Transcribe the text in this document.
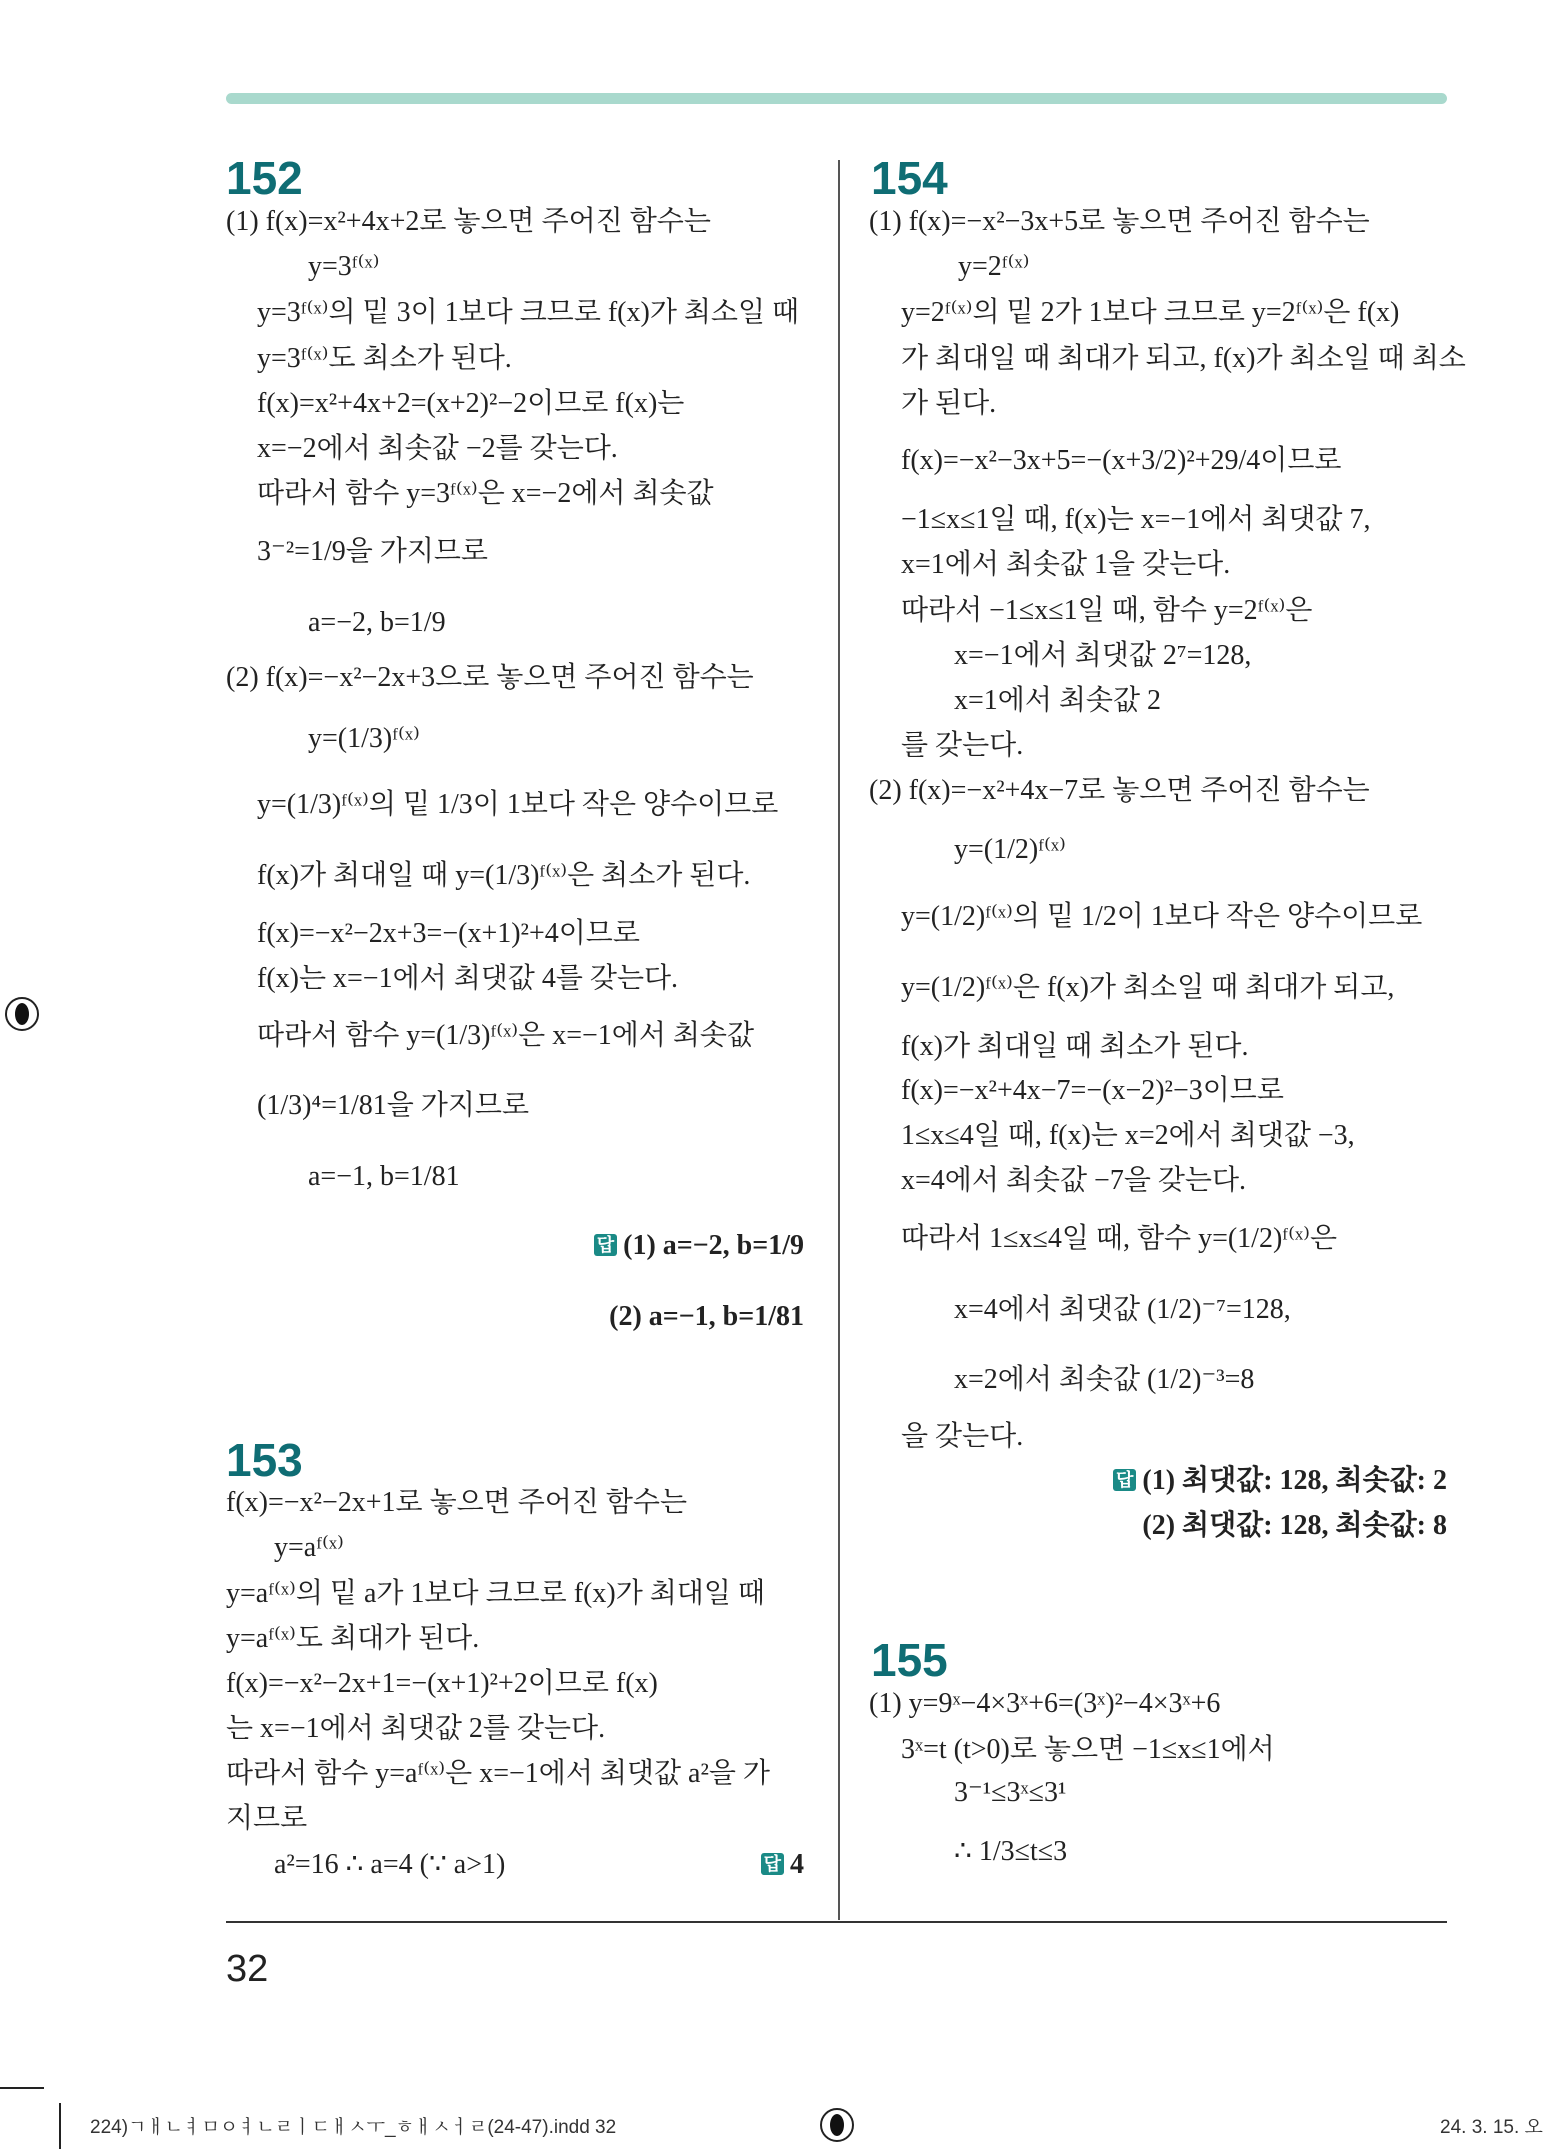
152
(1) f(x)=x²+4x+2로 놓으면 주어진 함수는
y=3ᶠ⁽ˣ⁾
y=3ᶠ⁽ˣ⁾의 밑 3이 1보다 크므로 f(x)가 최소일 때
y=3ᶠ⁽ˣ⁾도 최소가 된다.
f(x)=x²+4x+2=(x+2)²−2이므로 f(x)는
x=−2에서 최솟값 −2를 갖는다.
따라서 함수 y=3ᶠ⁽ˣ⁾은 x=−2에서 최솟값
3⁻²=1/9을 가지므로
a=−2, b=1/9
(2) f(x)=−x²−2x+3으로 놓으면 주어진 함수는
y=(1/3)ᶠ⁽ˣ⁾
y=(1/3)ᶠ⁽ˣ⁾의 밑 1/3이 1보다 작은 양수이므로
f(x)가 최대일 때 y=(1/3)ᶠ⁽ˣ⁾은 최소가 된다.
f(x)=−x²−2x+3=−(x+1)²+4이므로
f(x)는 x=−1에서 최댓값 4를 갖는다.
따라서 함수 y=(1/3)ᶠ⁽ˣ⁾은 x=−1에서 최솟값
(1/3)⁴=1/81을 가지므로
a=−1, b=1/81
답 (1) a=−2, b=1/9
(2) a=−1, b=1/81
153
f(x)=−x²−2x+1로 놓으면 주어진 함수는
y=aᶠ⁽ˣ⁾
y=aᶠ⁽ˣ⁾의 밑 a가 1보다 크므로 f(x)가 최대일 때
y=aᶠ⁽ˣ⁾도 최대가 된다.
f(x)=−x²−2x+1=−(x+1)²+2이므로 f(x)
는 x=−1에서 최댓값 2를 갖는다.
따라서 함수 y=aᶠ⁽ˣ⁾은 x=−1에서 최댓값 a²을 가
지므로
a²=16 ∴ a=4 (∵ a>1)	답 4
154
(1) f(x)=−x²−3x+5로 놓으면 주어진 함수는
y=2ᶠ⁽ˣ⁾
y=2ᶠ⁽ˣ⁾의 밑 2가 1보다 크므로 y=2ᶠ⁽ˣ⁾은 f(x)
가 최대일 때 최대가 되고, f(x)가 최소일 때 최소
가 된다.
f(x)=−x²−3x+5=−(x+3/2)²+29/4이므로
−1≤x≤1일 때, f(x)는 x=−1에서 최댓값 7,
x=1에서 최솟값 1을 갖는다.
따라서 −1≤x≤1일 때, 함수 y=2ᶠ⁽ˣ⁾은
x=−1에서 최댓값 2⁷=128,
x=1에서 최솟값 2
를 갖는다.
(2) f(x)=−x²+4x−7로 놓으면 주어진 함수는
y=(1/2)ᶠ⁽ˣ⁾
y=(1/2)ᶠ⁽ˣ⁾의 밑 1/2이 1보다 작은 양수이므로
y=(1/2)ᶠ⁽ˣ⁾은 f(x)가 최소일 때 최대가 되고,
f(x)가 최대일 때 최소가 된다.
f(x)=−x²+4x−7=−(x−2)²−3이므로
1≤x≤4일 때, f(x)는 x=2에서 최댓값 −3,
x=4에서 최솟값 −7을 갖는다.
따라서 1≤x≤4일 때, 함수 y=(1/2)ᶠ⁽ˣ⁾은
x=4에서 최댓값 (1/2)⁻⁷=128,
x=2에서 최솟값 (1/2)⁻³=8
을 갖는다.
답 (1) 최댓값: 128, 최솟값: 2
(2) 최댓값: 128, 최솟값: 8
155
(1) y=9ˣ−4×3ˣ+6=(3ˣ)²−4×3ˣ+6
3ˣ=t (t>0)로 놓으면 −1≤x≤1에서
3⁻¹≤3ˣ≤3¹
∴ 1/3≤t≤3
32
224)ㄱㅐㄴㅕㅁㅇㅕㄴㄹㅣㄷㅐㅅㅜ_ㅎㅐㅅㅓㄹ(24-47).indd 32	24. 3. 15. 오
